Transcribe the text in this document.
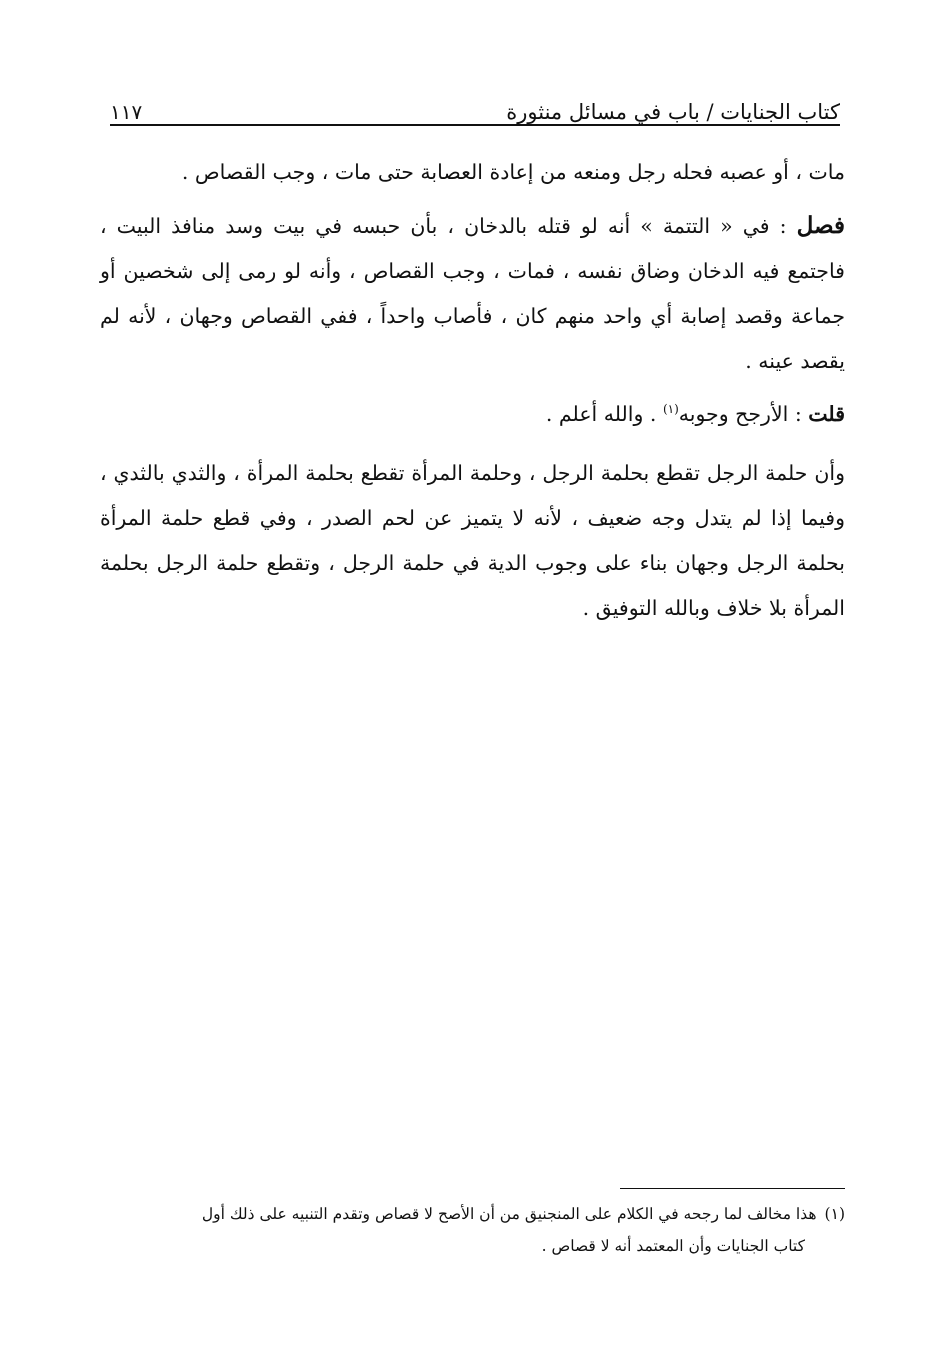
كتاب الجنايات / باب في مسائل منثورة
١١٧

مات ، أو عصبه فحله رجل ومنعه من إعادة العصابة حتى مات ، وجب القصاص .

فصل : في « التتمة » أنه لو قتله بالدخان ، بأن حبسه في بيت وسد منافذ البيت ، فاجتمع فيه الدخان وضاق نفسه ، فمات ، وجب القصاص ، وأنه لو رمى إلى شخصين أو جماعة وقصد إصابة أي واحد منهم كان ، فأصاب واحداً ، ففي القصاص وجهان ، لأنه لم يقصد عينه .

قلت : الأرجح وجوبه$^{(١)}$ . والله أعلم .

وأن حلمة الرجل تقطع بحلمة الرجل ، وحلمة المرأة تقطع بحلمة المرأة ، والثدي بالثدي ، وفيما إذا لم يتدل وجه ضعيف ، لأنه لا يتميز عن لحم الصدر ، وفي قطع حلمة المرأة بحلمة الرجل وجهان بناء على وجوب الدية في حلمة الرجل ، وتقطع حلمة الرجل بحلمة المرأة بلا خلاف وبالله التوفيق .

(١)هذا مخالف لما رجحه في الكلام على المنجنيق من أن الأصح لا قصاص وتقدم التنبيه على ذلك أول
كتاب الجنايات وأن المعتمد أنه لا قصاص .
